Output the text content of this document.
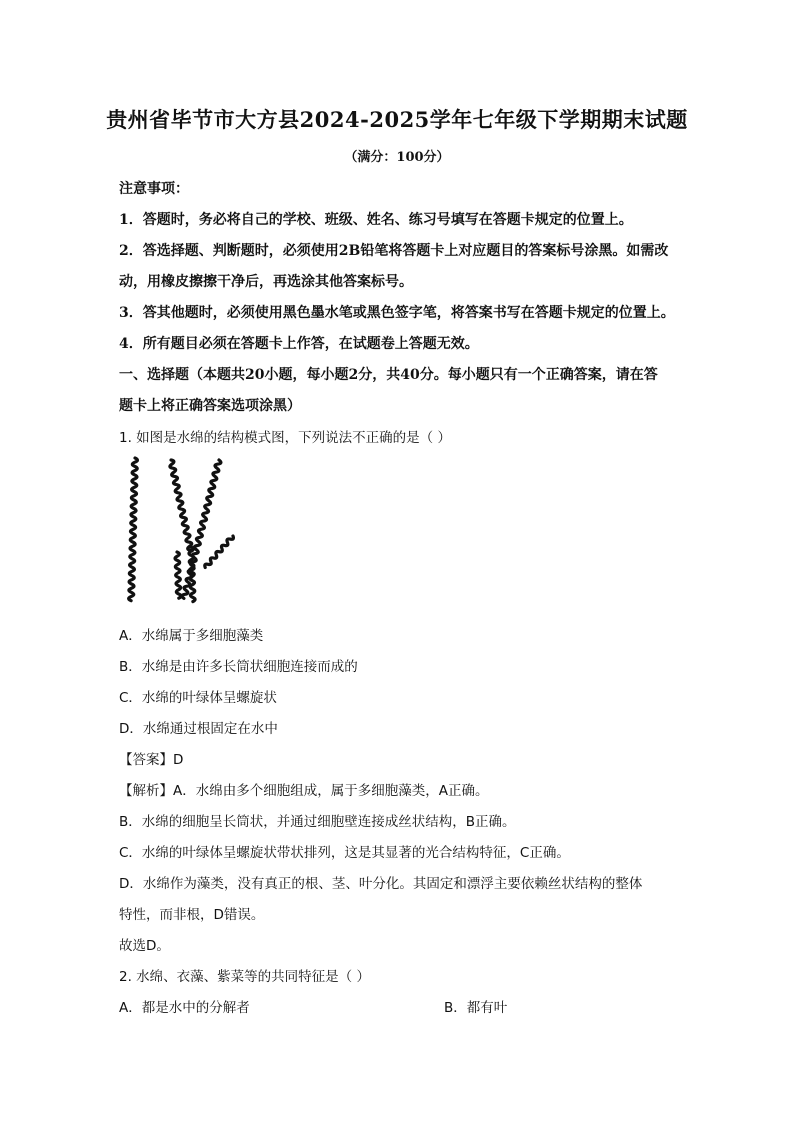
贵州省毕节市大方县2024-2025学年七年级下学期期末试题
（满分：100分）
注意事项：
1．答题时，务必将自己的学校、班级、姓名、练习号填写在答题卡规定的位置上。
2．答选择题、判断题时，必须使用2B铅笔将答题卡上对应题目的答案标号涂黑。如需改
动，用橡皮擦擦干净后，再选涂其他答案标号。
3．答其他题时，必须使用黑色墨水笔或黑色签字笔，将答案书写在答题卡规定的位置上。
4．所有题目必须在答题卡上作答，在试题卷上答题无效。
一、选择题（本题共20小题，每小题2分，共40分。每小题只有一个正确答案，请在答
题卡上将正确答案选项涂黑）
1. 如图是水绵的结构模式图，下列说法不正确的是（ ）
A．水绵属于多细胞藻类
B．水绵是由许多长筒状细胞连接而成的
C．水绵的叶绿体呈螺旋状
D．水绵通过根固定在水中
【答案】D
【解析】A．水绵由多个细胞组成，属于多细胞藻类，A正确。
B．水绵的细胞呈长筒状，并通过细胞壁连接成丝状结构，B正确。
C．水绵的叶绿体呈螺旋状带状排列，这是其显著的光合结构特征，C正确。
D．水绵作为藻类，没有真正的根、茎、叶分化。其固定和漂浮主要依赖丝状结构的整体
特性，而非根，D错误。
故选D。
2. 水绵、衣藻、紫菜等的共同特征是（ ）
A．都是水中的分解者	B．都有叶
